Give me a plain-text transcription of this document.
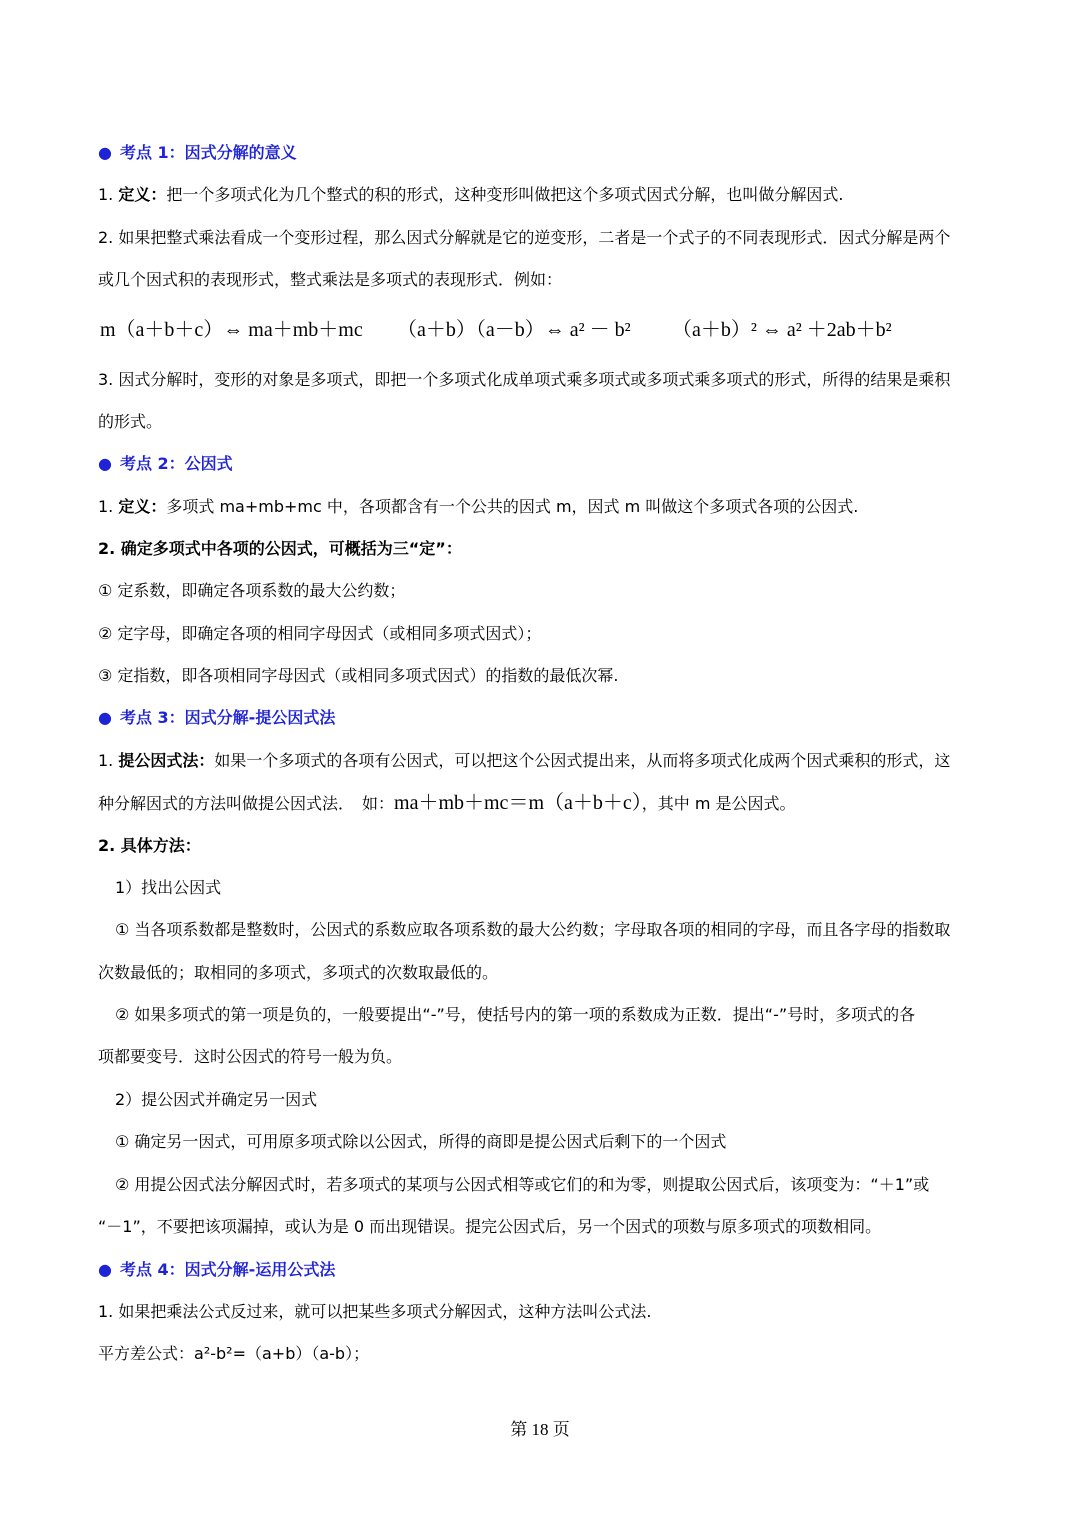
● 考点 1：因式分解的意义
1. 定义：把一个多项式化为几个整式的积的形式，这种变形叫做把这个多项式因式分解，也叫做分解因式.
2. 如果把整式乘法看成一个变形过程，那么因式分解就是它的逆变形，二者是一个式子的不同表现形式．因式分解是两个
或几个因式积的表现形式，整式乘法是多项式的表现形式．例如：
m（a＋b＋c）⇔ ma＋mb＋mc （a＋b）（a－b）⇔ a² － b²	（a＋b）² ⇔ a² ＋2ab＋b²
3. 因式分解时，变形的对象是多项式，即把一个多项式化成单项式乘多项式或多项式乘多项式的形式，所得的结果是乘积
的形式。
● 考点 2：公因式
1. 定义：多项式 ma+mb+mc 中，各项都含有一个公共的因式 m，因式 m 叫做这个多项式各项的公因式.
2. 确定多项式中各项的公因式，可概括为三“定”：
① 定系数，即确定各项系数的最大公约数；
② 定字母，即确定各项的相同字母因式（或相同多项式因式）；
③ 定指数，即各项相同字母因式（或相同多项式因式）的指数的最低次幂.
● 考点 3：因式分解-提公因式法
1. 提公因式法：如果一个多项式的各项有公因式，可以把这个公因式提出来，从而将多项式化成两个因式乘积的形式，这
种分解因式的方法叫做提公因式法．　如：ma＋mb＋mc＝m（a＋b＋c），其中 m 是公因式。
2. 具体方法：
1）找出公因式
① 当各项系数都是整数时，公因式的系数应取各项系数的最大公约数；字母取各项的相同的字母，而且各字母的指数取
次数最低的；取相同的多项式，多项式的次数取最低的。
② 如果多项式的第一项是负的，一般要提出“-”号，使括号内的第一项的系数成为正数．提出“-”号时，多项式的各
项都要变号．这时公因式的符号一般为负。
2）提公因式并确定另一因式
① 确定另一因式，可用原多项式除以公因式，所得的商即是提公因式后剩下的一个因式
② 用提公因式法分解因式时，若多项式的某项与公因式相等或它们的和为零，则提取公因式后，该项变为：“＋1”或
“－1”，不要把该项漏掉，或认为是 0 而出现错误。提完公因式后，另一个因式的项数与原多项式的项数相同。
● 考点 4：因式分解-运用公式法
1. 如果把乘法公式反过来，就可以把某些多项式分解因式，这种方法叫公式法.
平方差公式：a²-b²=（a+b）（a-b）；
第 18 页
